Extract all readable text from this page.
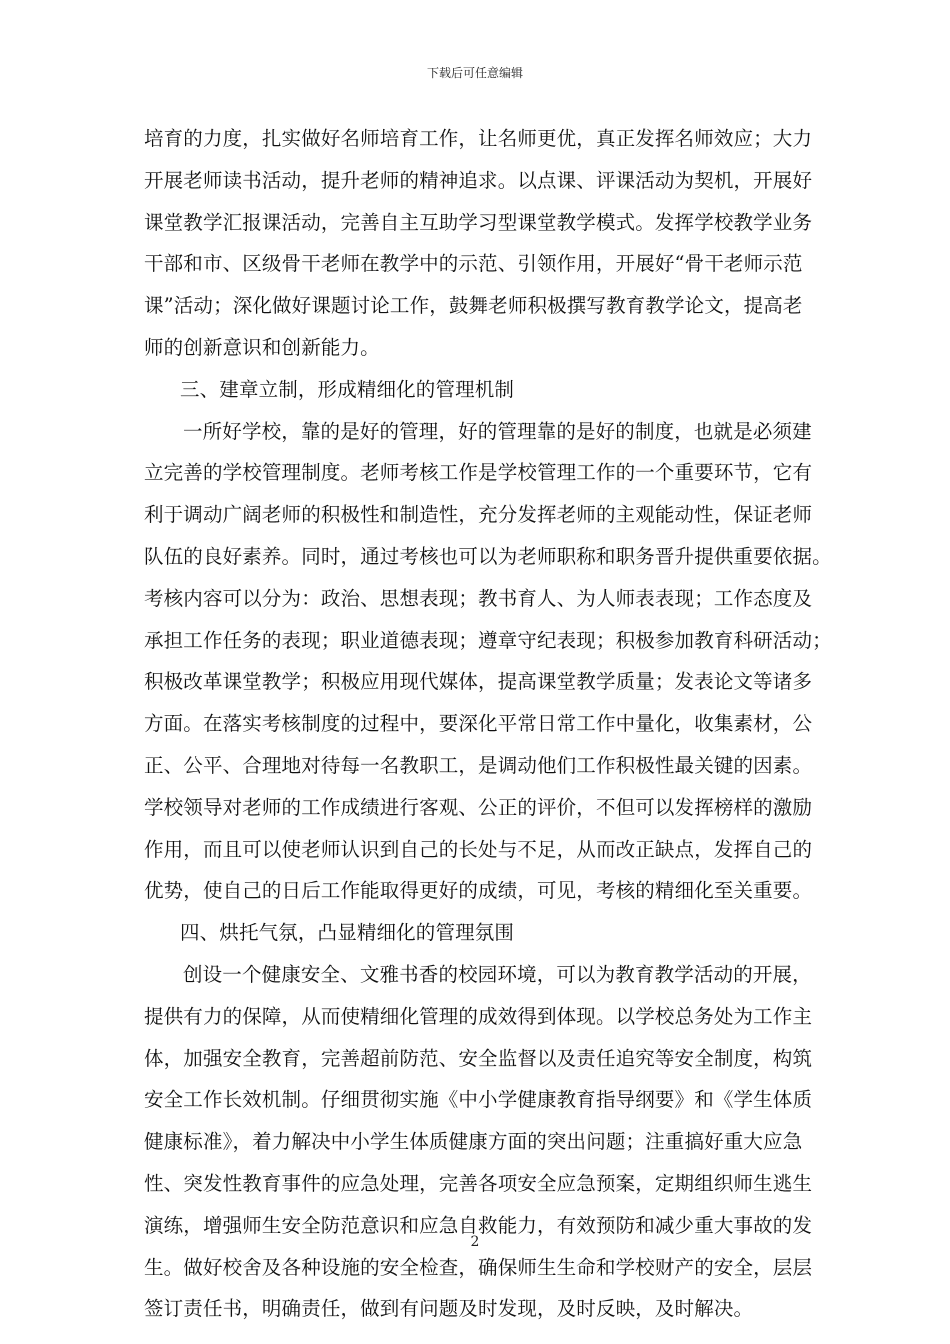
下载后可任意编辑
培育的力度，扎实做好名师培育工作，让名师更优，真正发挥名师效应；大力
开展老师读书活动，提升老师的精神追求。以点课、评课活动为契机，开展好
课堂教学汇报课活动，完善自主互助学习型课堂教学模式。发挥学校教学业务
干部和市、区级骨干老师在教学中的示范、引领作用，开展好“骨干老师示范
课”活动；深化做好课题讨论工作，鼓舞老师积极撰写教育教学论文，提高老
师的创新意识和创新能力。
三、建章立制，形成精细化的管理机制
一所好学校，靠的是好的管理，好的管理靠的是好的制度，也就是必须建
立完善的学校管理制度。老师考核工作是学校管理工作的一个重要环节，它有
利于调动广阔老师的积极性和制造性，充分发挥老师的主观能动性，保证老师
队伍的良好素养。同时，通过考核也可以为老师职称和职务晋升提供重要依据。
考核内容可以分为：政治、思想表现；教书育人、为人师表表现；工作态度及
承担工作任务的表现；职业道德表现；遵章守纪表现；积极参加教育科研活动；
积极改革课堂教学；积极应用现代媒体，提高课堂教学质量；发表论文等诸多
方面。在落实考核制度的过程中，要深化平常日常工作中量化，收集素材，公
正、公平、合理地对待每一名教职工，是调动他们工作积极性最关键的因素。
学校领导对老师的工作成绩进行客观、公正的评价，不但可以发挥榜样的激励
作用，而且可以使老师认识到自己的长处与不足，从而改正缺点，发挥自己的
优势，使自己的日后工作能取得更好的成绩，可见，考核的精细化至关重要。
四、烘托气氛，凸显精细化的管理氛围
创设一个健康安全、文雅书香的校园环境，可以为教育教学活动的开展，
提供有力的保障，从而使精细化管理的成效得到体现。以学校总务处为工作主
体，加强安全教育，完善超前防范、安全监督以及责任追究等安全制度，构筑
安全工作长效机制。仔细贯彻实施《中小学健康教育指导纲要》和《学生体质
健康标准》，着力解决中小学生体质健康方面的突出问题；注重搞好重大应急
性、突发性教育事件的应急处理，完善各项安全应急预案，定期组织师生逃生
演练，增强师生安全防范意识和应急自救能力，有效预防和减少重大事故的发
生。做好校舍及各种设施的安全检查，确保师生生命和学校财产的安全，层层
签订责任书，明确责任，做到有问题及时发现，及时反映，及时解决。
2
